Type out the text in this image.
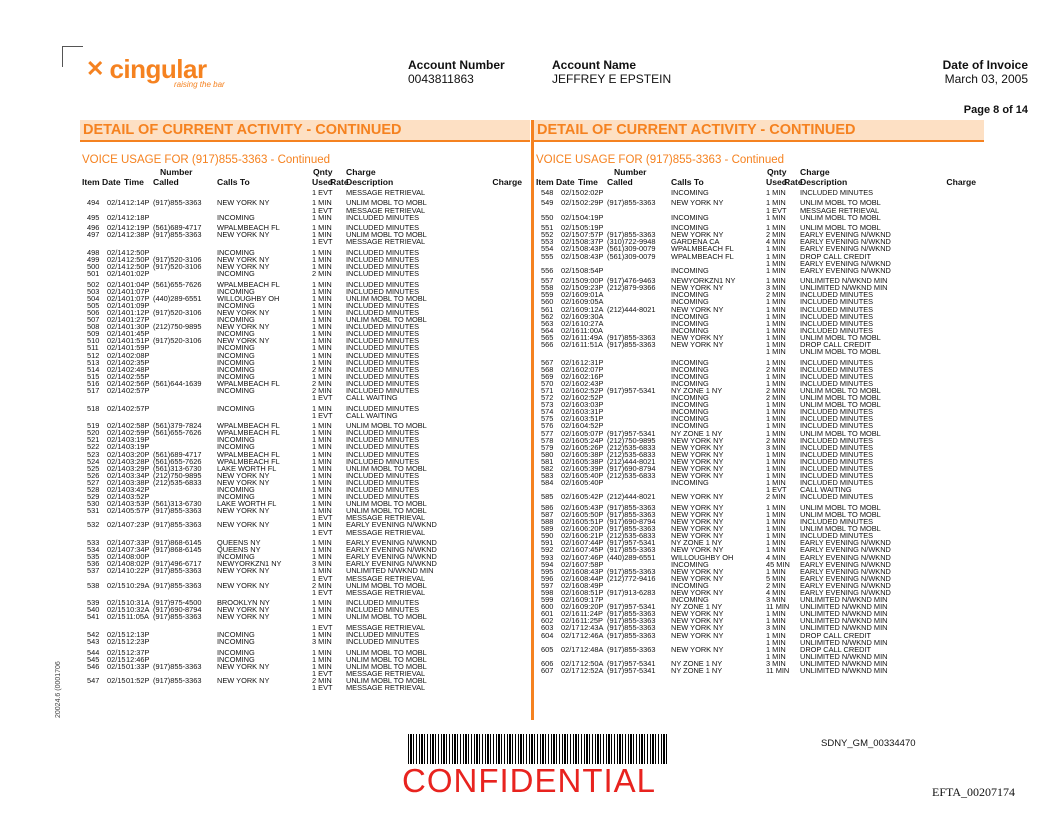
✕ cingular
raising the bar
Account Number
0043811863
Account Name
JEFFREY E EPSTEIN
Date of Invoice
March 03, 2005
Page 8 of 14
DETAIL OF CURRENT ACTIVITY - CONTINUED
VOICE USAGE FOR (917)855-3363 - Continued
Number	Qnty Charge
Item Date Time Called	Calls To	Used
Rate
Description	Charge
1 EVT MESSAGE RETRIEVAL
494 02/14 12:14P (917)855-3363 NEW YORK NY	1 MIN UNLIM MOBL TO MOBL
1 EVT MESSAGE RETRIEVAL
495 02/14 12:18P	INCOMING	1 MIN INCLUDED MINUTES
496 02/14 12:19P (561)689-4717 WPALMBEACH FL	1 MIN INCLUDED MINUTES
497 02/14 12:38P (917)855-3363 NEW YORK NY	1 MIN UNLIM MOBL TO MOBL
1 EVT MESSAGE RETRIEVAL
498 02/14 12:50P	INCOMING	1 MIN INCLUDED MINUTES
499 02/14 12:50P (917)520-3106 NEW YORK NY	1 MIN INCLUDED MINUTES
500 02/14 12:50P (917)520-3106 NEW YORK NY	1 MIN INCLUDED MINUTES
501 02/14 01:02P	INCOMING	2 MIN INCLUDED MINUTES
502 02/14 01:04P (561)655-7626 WPALMBEACH FL	1 MIN INCLUDED MINUTES
503 02/14 01:07P	INCOMING	1 MIN INCLUDED MINUTES
504 02/14 01:07P (440)289-6551 WILLOUGHBY OH	1 MIN UNLIM MOBL TO MOBL
505 02/14 01:09P	INCOMING	1 MIN INCLUDED MINUTES
506 02/14 01:12P (917)520-3106 NEW YORK NY	1 MIN INCLUDED MINUTES
507 02/14 01:27P	INCOMING	1 MIN UNLIM MOBL TO MOBL
508 02/14 01:30P (212)750-9895 NEW YORK NY	1 MIN INCLUDED MINUTES
509 02/14 01:45P	INCOMING	1 MIN INCLUDED MINUTES
510 02/14 01:51P (917)520-3106 NEW YORK NY	1 MIN INCLUDED MINUTES
511 02/14 01:59P	INCOMING	1 MIN INCLUDED MINUTES
512 02/14 02:08P	INCOMING	1 MIN INCLUDED MINUTES
513 02/14 02:35P	INCOMING	1 MIN INCLUDED MINUTES
514 02/14 02:48P	INCOMING	2 MIN INCLUDED MINUTES
515 02/14 02:55P	INCOMING	1 MIN INCLUDED MINUTES
516 02/14 02:56P (561)644-1639 WPALMBEACH FL	2 MIN INCLUDED MINUTES
517 02/14 02:57P	INCOMING	2 MIN INCLUDED MINUTES
1 EVT CALL WAITING
518 02/14 02:57P	INCOMING	1 MIN INCLUDED MINUTES
1 EVT CALL WAITING
519 02/14 02:58P (561)379-7824 WPALMBEACH FL	1 MIN UNLIM MOBL TO MOBL
520 02/14 02:59P (561)655-7626 WPALMBEACH FL	1 MIN INCLUDED MINUTES
521 02/14 03:19P	INCOMING	1 MIN INCLUDED MINUTES
522 02/14 03:19P	INCOMING	1 MIN INCLUDED MINUTES
523 02/14 03:20P (561)689-4717 WPALMBEACH FL	1 MIN INCLUDED MINUTES
524 02/14 03:28P (561)655-7626 WPALMBEACH FL	1 MIN INCLUDED MINUTES
525 02/14 03:29P (561)313-6730 LAKE WORTH FL	1 MIN UNLIM MOBL TO MOBL
526 02/14 03:34P (212)750-9895 NEW YORK NY	1 MIN INCLUDED MINUTES
527 02/14 03:38P (212)535-6833 NEW YORK NY	1 MIN INCLUDED MINUTES
528 02/14 03:42P	INCOMING	1 MIN INCLUDED MINUTES
529 02/14 03:52P	INCOMING	1 MIN INCLUDED MINUTES
530 02/14 03:53P (561)313-6730 LAKE WORTH FL	1 MIN UNLIM MOBL TO MOBL
531 02/14 05:57P (917)855-3363 NEW YORK NY	1 MIN UNLIM MOBL TO MOBL
1 EVT MESSAGE RETRIEVAL
532 02/14 07:23P (917)855-3363 NEW YORK NY	1 MIN EARLY EVENING N/WKND
1 EVT MESSAGE RETRIEVAL
533 02/14 07:33P (917)868-6145 QUEENS NY	1 MIN EARLY EVENING N/WKND
534 02/14 07:34P (917)868-6145 QUEENS NY	1 MIN EARLY EVENING N/WKND
535 02/14 08:00P	INCOMING	1 MIN EARLY EVENING N/WKND
536 02/14 08:02P (917)496-6717 NEWYORKZN1 NY	3 MIN EARLY EVENING N/WKND
537 02/14 10:22P (917)855-3363 NEW YORK NY	1 MIN UNLIMITED N/WKND MIN
1 EVT MESSAGE RETRIEVAL
538 02/15 10:29A (917)855-3363 NEW YORK NY	2 MIN UNLIM MOBL TO MOBL
1 EVT MESSAGE RETRIEVAL
539 02/15 10:31A (917)975-4500 BROOKLYN NY	1 MIN INCLUDED MINUTES
540 02/15 10:32A (917)690-8794 NEW YORK NY	1 MIN INCLUDED MINUTES
541 02/15 11:05A (917)855-3363 NEW YORK NY	1 MIN UNLIM MOBL TO MOBL
1 EVT MESSAGE RETRIEVAL
542 02/15 12:13P	INCOMING	1 MIN INCLUDED MINUTES
543 02/15 12:23P	INCOMING	3 MIN INCLUDED MINUTES
544 02/15 12:37P	INCOMING	1 MIN UNLIM MOBL TO MOBL
545 02/15 12:46P	INCOMING	1 MIN UNLIM MOBL TO MOBL
546 02/15 01:33P (917)855-3363 NEW YORK NY	1 MIN UNLIM MOBL TO MOBL
1 EVT MESSAGE RETRIEVAL
547 02/15 01:52P (917)855-3363 NEW YORK NY	2 MIN UNLIM MOBL TO MOBL
1 EVT MESSAGE RETRIEVAL
DETAIL OF CURRENT ACTIVITY - CONTINUED
VOICE USAGE FOR (917)855-3363 - Continued
Number	Qnty Charge
Item Date Time Called	Calls To	Used
Rate
Description	Charge
548 02/15 02:02P	INCOMING	1 MIN INCLUDED MINUTES
549 02/15 02:29P (917)855-3363 NEW YORK NY	1 MIN UNLIM MOBL TO MOBL
1 EVT MESSAGE RETRIEVAL
550 02/15 04:19P	INCOMING	1 MIN UNLIM MOBL TO MOBL
551 02/15 05:19P	INCOMING	1 MIN UNLIM MOBL TO MOBL
552 02/15 07:57P (917)855-3363 NEW YORK NY	2 MIN EARLY EVENING N/WKND
553 02/15 08:37P (310)722-9948 GARDENA CA	4 MIN EARLY EVENING N/WKND
554 02/15 08:43P (561)309-0079 WPALMBEACH FL	1 MIN EARLY EVENING N/WKND
555 02/15 08:43P (561)309-0079 WPALMBEACH FL	1 MIN DROP CALL CREDIT
1 MIN EARLY EVENING N/WKND
556 02/15 08:54P	INCOMING	1 MIN EARLY EVENING N/WKND
557 02/15 09:00P (917)476-9463 NEWYORKZN1 NY	1 MIN UNLIMITED N/WKND MIN
558 02/15 09:23P (212)879-9366 NEW YORK NY	3 MIN UNLIMITED N/WKND MIN
559 02/16 09:01A	INCOMING	2 MIN INCLUDED MINUTES
560 02/16 09:05A	INCOMING	1 MIN INCLUDED MINUTES
561 02/16 09:12A (212)444-8021 NEW YORK NY	1 MIN INCLUDED MINUTES
562 02/16 09:30A	INCOMING	1 MIN INCLUDED MINUTES
563 02/16 10:27A	INCOMING	1 MIN INCLUDED MINUTES
564 02/16 11:00A	INCOMING	1 MIN INCLUDED MINUTES
565 02/16 11:49A (917)855-3363 NEW YORK NY	1 MIN UNLIM MOBL TO MOBL
566 02/16 11:51A (917)855-3363 NEW YORK NY	1 MIN DROP CALL CREDIT
1 MIN UNLIM MOBL TO MOBL
567 02/16 12:31P	INCOMING	1 MIN INCLUDED MINUTES
568 02/16 02:07P	INCOMING	2 MIN INCLUDED MINUTES
569 02/16 02:16P	INCOMING	1 MIN INCLUDED MINUTES
570 02/16 02:43P	INCOMING	1 MIN INCLUDED MINUTES
571 02/16 02:52P (917)957-5341 NY ZONE 1 NY	2 MIN UNLIM MOBL TO MOBL
572 02/16 02:52P	INCOMING	2 MIN UNLIM MOBL TO MOBL
573 02/16 03:03P	INCOMING	1 MIN UNLIM MOBL TO MOBL
574 02/16 03:31P	INCOMING	1 MIN INCLUDED MINUTES
575 02/16 03:51P	INCOMING	1 MIN INCLUDED MINUTES
576 02/16 04:52P	INCOMING	1 MIN INCLUDED MINUTES
577 02/16 05:07P (917)957-5341 NY ZONE 1 NY	1 MIN UNLIM MOBL TO MOBL
578 02/16 05:24P (212)750-9895 NEW YORK NY	2 MIN INCLUDED MINUTES
579 02/16 05:26P (212)535-6833 NEW YORK NY	3 MIN INCLUDED MINUTES
580 02/16 05:38P (212)535-6833 NEW YORK NY	1 MIN INCLUDED MINUTES
581 02/16 05:38P (212)444-8021 NEW YORK NY	1 MIN INCLUDED MINUTES
582 02/16 05:39P (917)690-8794 NEW YORK NY	1 MIN INCLUDED MINUTES
583 02/16 05:40P (212)535-6833 NEW YORK NY	1 MIN INCLUDED MINUTES
584 02/16 05:40P	INCOMING	1 MIN INCLUDED MINUTES
1 EVT CALL WAITING
585 02/16 05:42P (212)444-8021 NEW YORK NY	2 MIN INCLUDED MINUTES
586 02/16 05:43P (917)855-3363 NEW YORK NY	1 MIN UNLIM MOBL TO MOBL
587 02/16 05:50P (917)855-3363 NEW YORK NY	1 MIN UNLIM MOBL TO MOBL
588 02/16 05:51P (917)690-8794 NEW YORK NY	1 MIN INCLUDED MINUTES
589 02/16 06:20P (917)855-3363 NEW YORK NY	1 MIN UNLIM MOBL TO MOBL
590 02/16 06:21P (212)535-6833 NEW YORK NY	1 MIN INCLUDED MINUTES
591 02/16 07:44P (917)957-5341 NY ZONE 1 NY	1 MIN EARLY EVENING N/WKND
592 02/16 07:45P (917)855-3363 NEW YORK NY	1 MIN EARLY EVENING N/WKND
593 02/16 07:46P (440)289-6551 WILLOUGHBY OH	4 MIN EARLY EVENING N/WKND
594 02/16 07:58P	INCOMING	45 MIN EARLY EVENING N/WKND
595 02/16 08:43P (917)855-3363 NEW YORK NY	1 MIN EARLY EVENING N/WKND
596 02/16 08:44P (212)772-9416 NEW YORK NY	5 MIN EARLY EVENING N/WKND
597 02/16 08:49P	INCOMING	2 MIN EARLY EVENING N/WKND
598 02/16 08:51P (917)913-6283 NEW YORK NY	4 MIN EARLY EVENING N/WKND
599 02/16 09:17P	INCOMING	3 MIN UNLIMITED N/WKND MIN
600 02/16 09:20P (917)957-5341 NY ZONE 1 NY	11 MIN UNLIMITED N/WKND MIN
601 02/16 11:24P (917)855-3363 NEW YORK NY	1 MIN UNLIMITED N/WKND MIN
602 02/16 11:25P (917)855-3363 NEW YORK NY	1 MIN UNLIMITED N/WKND MIN
603 02/17 12:43A (917)855-3363 NEW YORK NY	3 MIN UNLIMITED N/WKND MIN
604 02/17 12:46A (917)855-3363 NEW YORK NY	1 MIN DROP CALL CREDIT
1 MIN UNLIMITED N/WKND MIN
605 02/17 12:48A (917)855-3363 NEW YORK NY	1 MIN DROP CALL CREDIT
1 MIN UNLIMITED N/WKND MIN
606 02/17 12:50A (917)957-5341 NY ZONE 1 NY	3 MIN UNLIMITED N/WKND MIN
607 02/17 12:52A (917)957-5341 NY ZONE 1 NY	11 MIN UNLIMITED N/WKND MIN
CONFIDENTIAL
SDNY_GM_00334470
EFTA_00207174
20024.6 (0001706
